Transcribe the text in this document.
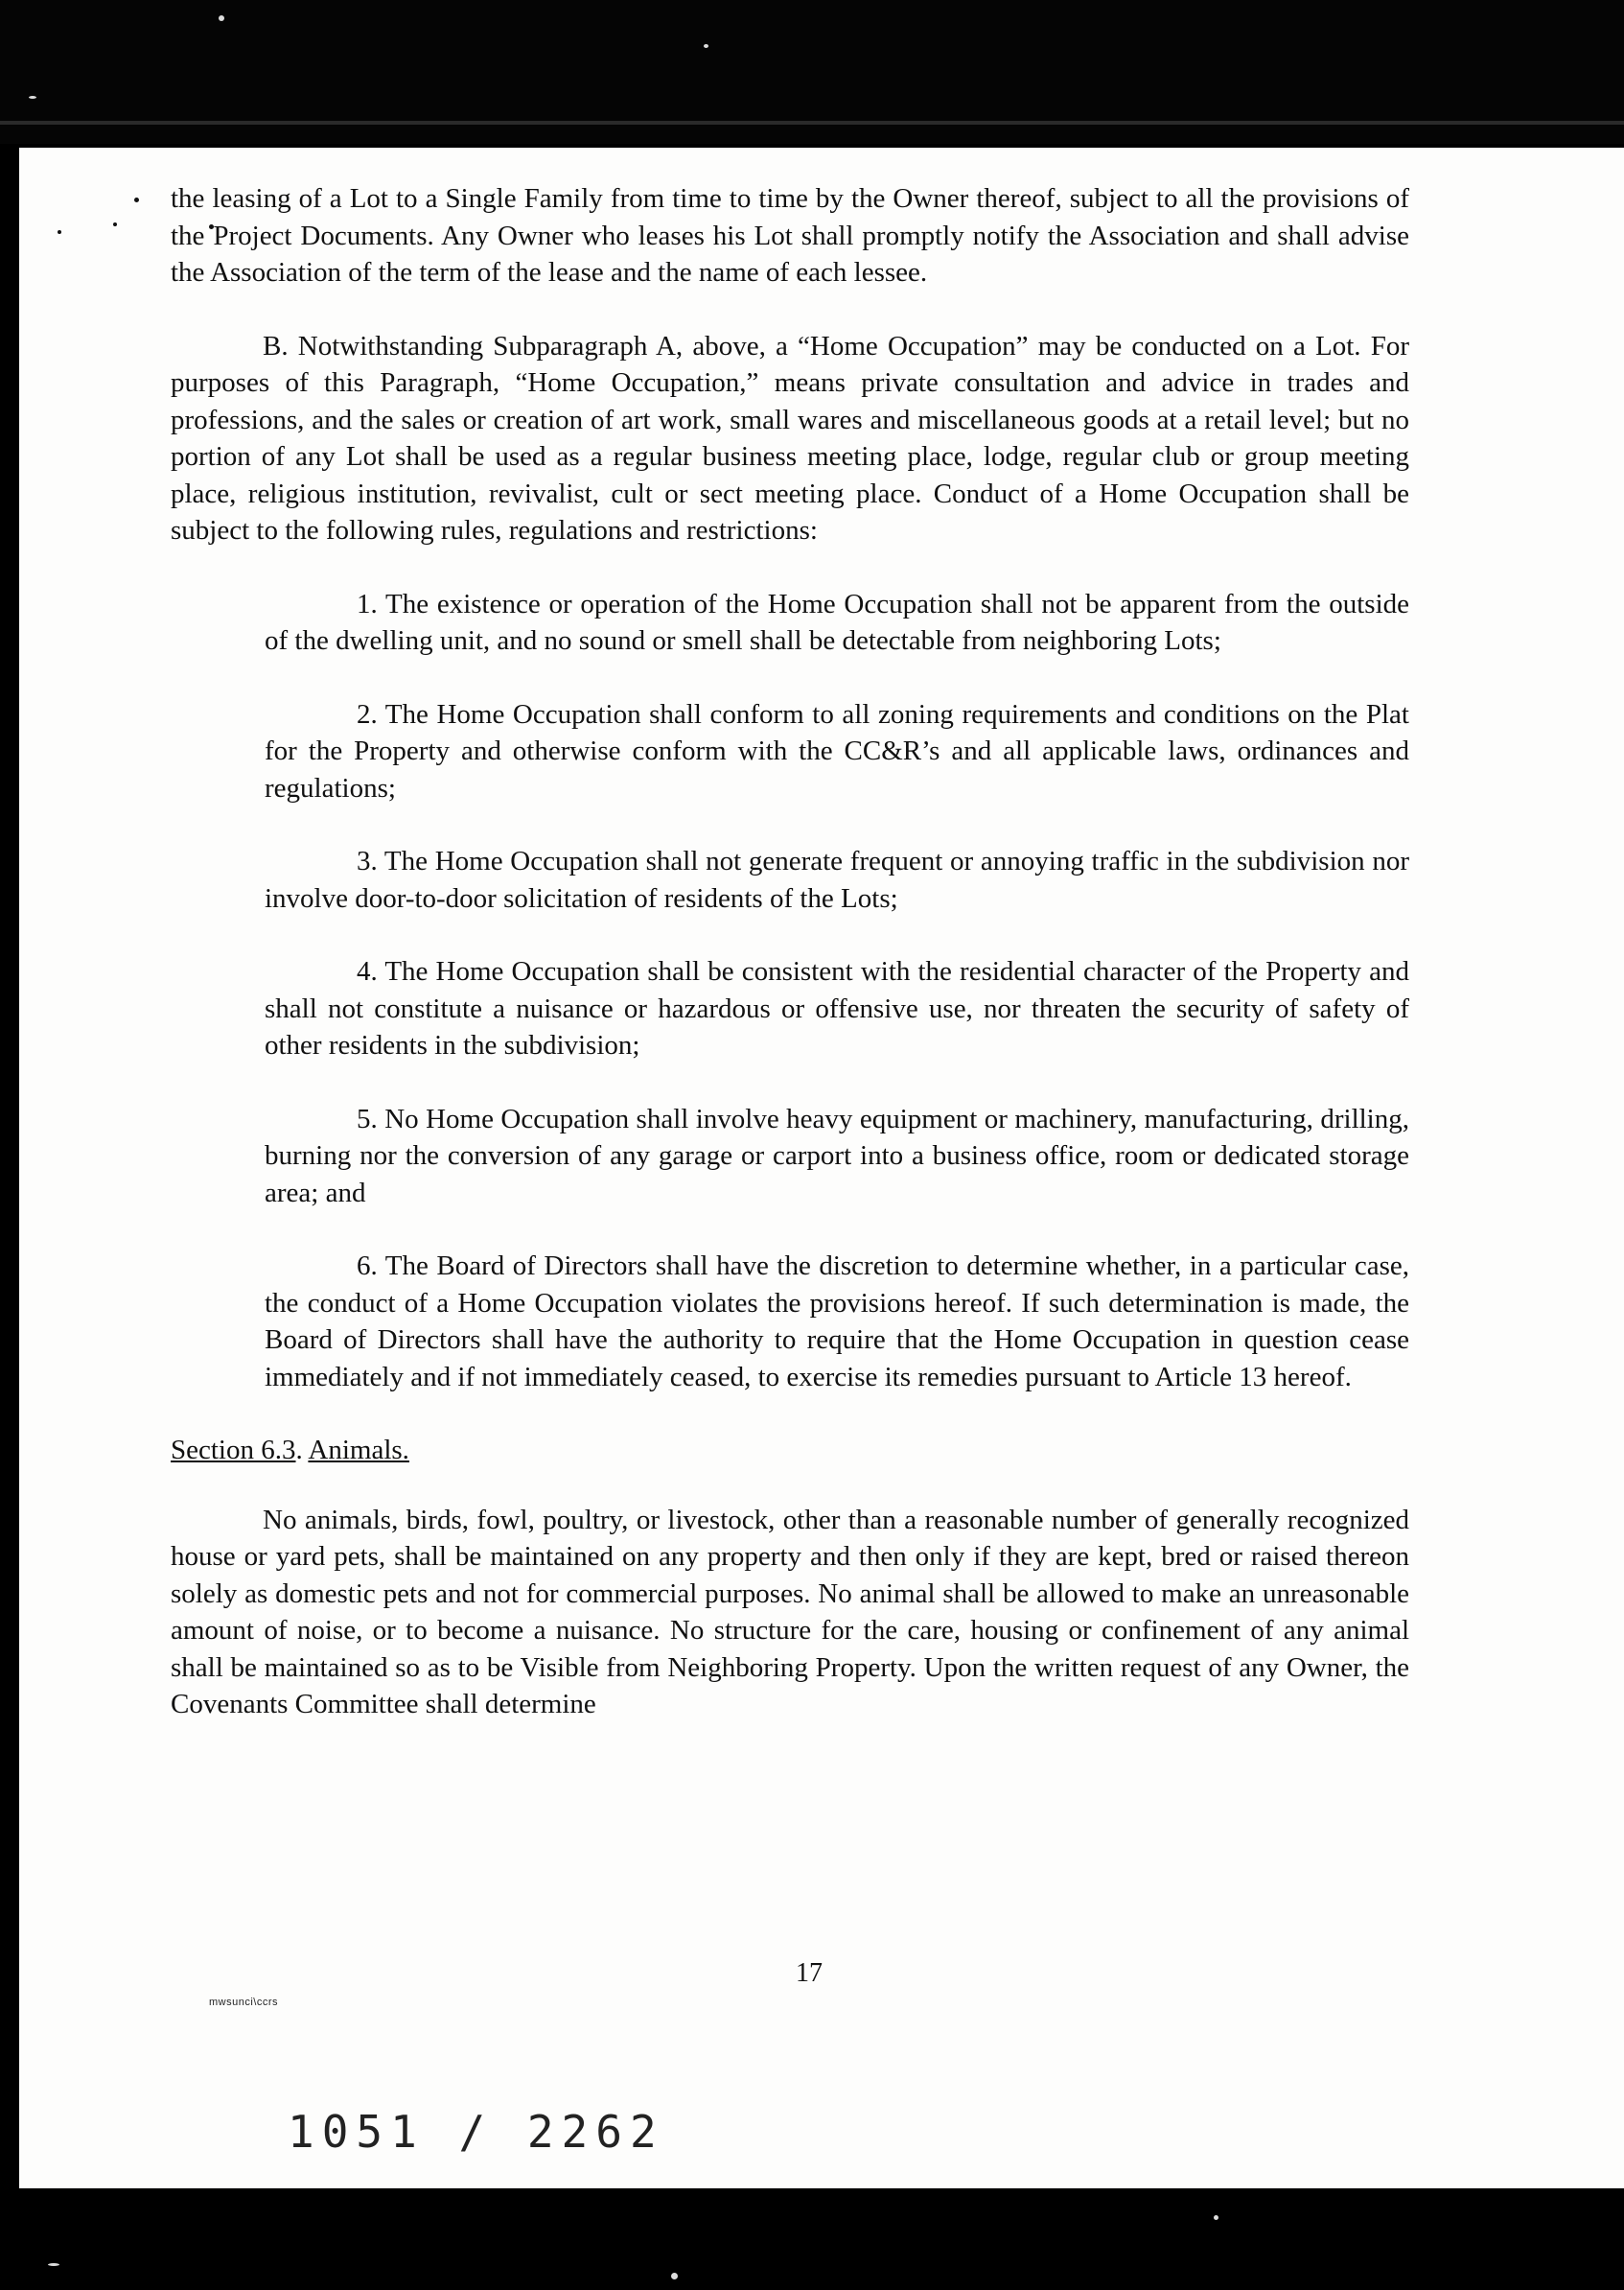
the leasing of a Lot to a Single Family from time to time by the Owner thereof, subject to all the provisions of the Project Documents. Any Owner who leases his Lot shall promptly notify the Association and shall advise the Association of the term of the lease and the name of each lessee.

B. Notwithstanding Subparagraph A, above, a “Home Occupation” may be conducted on a Lot. For purposes of this Paragraph, “Home Occupation,” means private consultation and advice in trades and professions, and the sales or creation of art work, small wares and miscellaneous goods at a retail level; but no portion of any Lot shall be used as a regular business meeting place, lodge, regular club or group meeting place, religious institution, revivalist, cult or sect meeting place. Conduct of a Home Occupation shall be subject to the following rules, regulations and restrictions:

1. The existence or operation of the Home Occupation shall not be apparent from the outside of the dwelling unit, and no sound or smell shall be detectable from neighboring Lots;

2. The Home Occupation shall conform to all zoning requirements and conditions on the Plat for the Property and otherwise conform with the CC&R’s and all applicable laws, ordinances and regulations;

3. The Home Occupation shall not generate frequent or annoying traffic in the subdivision nor involve door-to-door solicitation of residents of the Lots;

4. The Home Occupation shall be consistent with the residential character of the Property and shall not constitute a nuisance or hazardous or offensive use, nor threaten the security of safety of other residents in the subdivision;

5. No Home Occupation shall involve heavy equipment or machinery, manufacturing, drilling, burning nor the conversion of any garage or carport into a business office, room or dedicated storage area; and

6. The Board of Directors shall have the discretion to determine whether, in a particular case, the conduct of a Home Occupation violates the provisions hereof. If such determination is made, the Board of Directors shall have the authority to require that the Home Occupation in question cease immediately and if not immediately ceased, to exercise its remedies pursuant to Article 13 hereof.

Section 6.3. Animals.

No animals, birds, fowl, poultry, or livestock, other than a reasonable number of generally recognized house or yard pets, shall be maintained on any property and then only if they are kept, bred or raised thereon solely as domestic pets and not for commercial purposes. No animal shall be allowed to make an unreasonable amount of noise, or to become a nuisance. No structure for the care, housing or confinement of any animal shall be maintained so as to be Visible from Neighboring Property. Upon the written request of any Owner, the Covenants Committee shall determine

17
mwsunci\ccrs
1051 / 2262
